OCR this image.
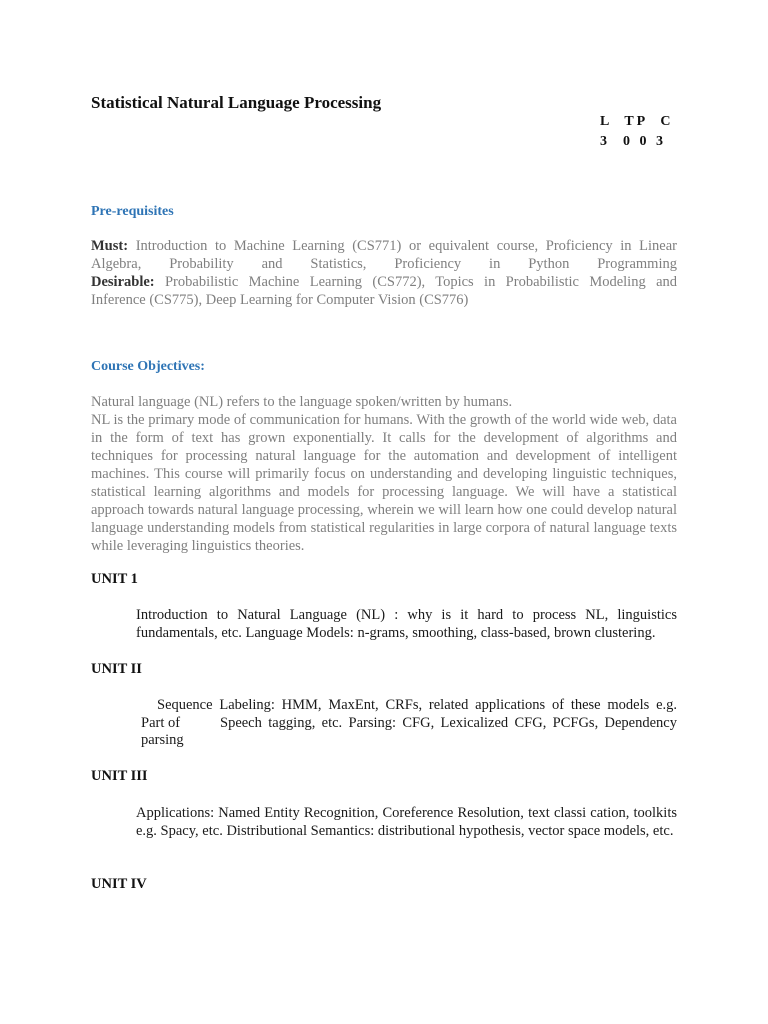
Statistical Natural Language Processing
L  TP  C
3  0 0 3
Pre-requisites
Must: Introduction to Machine Learning (CS771) or equivalent course, Proficiency in Linear
Algebra, Probability and Statistics, Proficiency in Python Programming
Desirable: Probabilistic Machine Learning (CS772), Topics in Probabilistic Modeling and
Inference (CS775), Deep Learning for Computer Vision (CS776)
Course Objectives:
Natural language (NL) refers to the language spoken/written by humans.
NL is the primary mode of communication for humans. With the growth of the world wide web, data in the form of text has grown exponentially. It calls for the development of algorithms and techniques for processing natural language for the automation and development of intelligent machines. This course will primarily focus on understanding and developing linguistic techniques, statistical learning algorithms and models for processing language. We will have a statistical approach towards natural language processing, wherein we will learn how one could develop natural language understanding models from statistical regularities in large corpora of natural language texts while leveraging linguistics theories.
UNIT 1
Introduction to Natural Language (NL) : why is it hard to process NL, linguistics fundamentals, etc. Language Models: n-grams, smoothing, class-based, brown clustering.
UNIT II
Sequence Labeling: HMM, MaxEnt, CRFs, related applications of these models e.g.
Part of	Speech tagging, etc. Parsing: CFG, Lexicalized CFG, PCFGs, Dependency
parsing
UNIT III
Applications: Named Entity Recognition, Coreference Resolution, text classi cation, toolkits e.g. Spacy, etc. Distributional Semantics: distributional hypothesis, vector space models, etc.
UNIT IV
